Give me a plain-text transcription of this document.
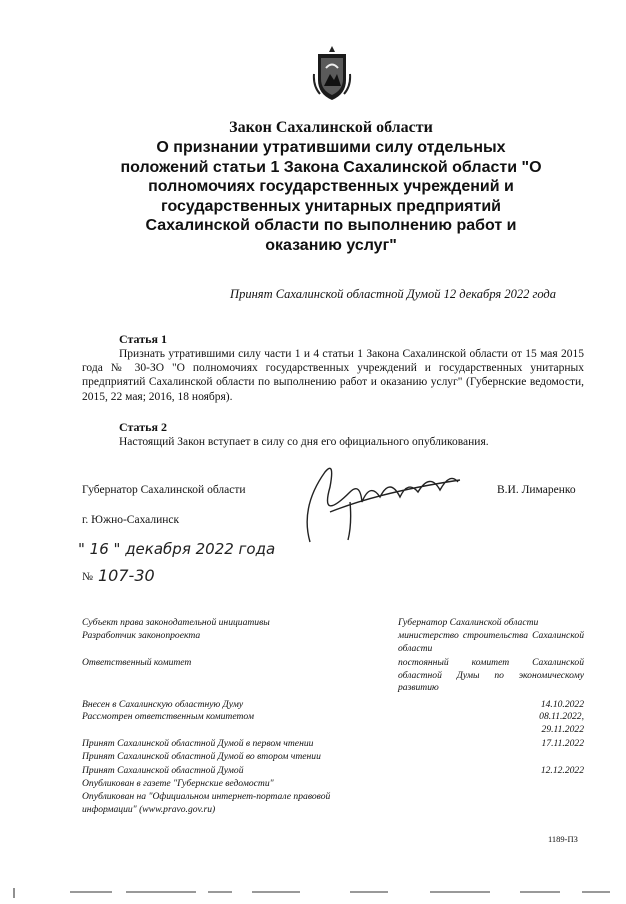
Закон Сахалинской области
О признании утратившими силу отдельных
положений статьи 1 Закона Сахалинской области "О
полномочиях государственных учреждений и
государственных унитарных предприятий
Сахалинской области по выполнению работ и
оказанию услуг"
Принят Сахалинской областной Думой 12 декабря 2022 года
Статья 1
Признать утратившими силу части 1 и 4 статьи 1 Закона Сахалинской области от 15 мая 2015 года № 30-ЗО "О полномочиях государственных учреждений и государственных унитарных предприятий Сахалинской области по выполнению работ и оказанию услуг" (Губернские ведомости, 2015, 22 мая; 2016, 18 ноября).
Статья 2
Настоящий Закон вступает в силу со дня его официального опубликования.
Губернатор Сахалинской области	В.И. Лимаренко
г. Южно-Сахалинск
" 16 " декабря 2022 года
№ 107-30
Субъект права законодательной инициативы	Губернатор Сахалинской области
Разработчик законопроекта	министерство строительства Сахалинской области
Ответственный комитет	постоянный комитет Сахалинской областной Думы по экономическому развитию
Внесен в Сахалинскую областную Думу	14.10.2022
Рассмотрен ответственным комитетом	08.11.2022,
29.11.2022
Принят Сахалинской областной Думой в первом чтении	17.11.2022
Принят Сахалинской областной Думой во втором чтении
Принят Сахалинской областной Думой	12.12.2022
Опубликован в газете "Губернские ведомости"
Опубликован на "Официальном интернет-портале правовой информации" (www.pravo.gov.ru)
1189-ПЗ
